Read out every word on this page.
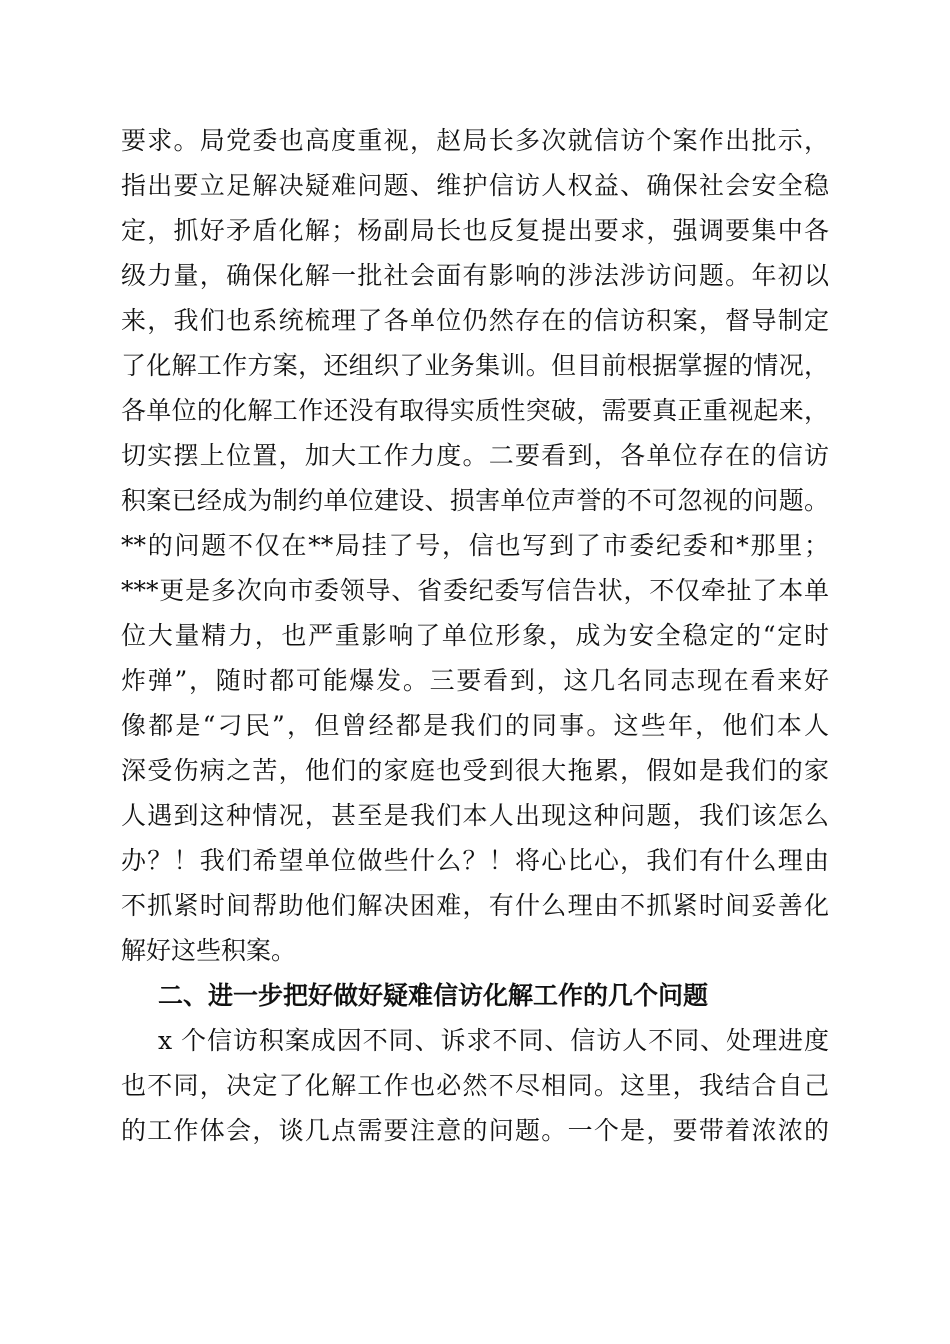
要求。局党委也高度重视，赵局长多次就信访个案作出批示，
指出要立足解决疑难问题、维护信访人权益、确保社会安全稳
定，抓好矛盾化解；杨副局长也反复提出要求，强调要集中各
级力量，确保化解一批社会面有影响的涉法涉访问题。年初以
来，我们也系统梳理了各单位仍然存在的信访积案，督导制定
了化解工作方案，还组织了业务集训。但目前根据掌握的情况，
各单位的化解工作还没有取得实质性突破，需要真正重视起来，
切实摆上位置，加大工作力度。二要看到，各单位存在的信访
积案已经成为制约单位建设、损害单位声誉的不可忽视的问题。
**的问题不仅在**局挂了号，信也写到了市委纪委和*那里；
***更是多次向市委领导、省委纪委写信告状，不仅牵扯了本单
位大量精力，也严重影响了单位形象，成为安全稳定的“定时
炸弹”，随时都可能爆发。三要看到，这几名同志现在看来好
像都是“刁民”，但曾经都是我们的同事。这些年，他们本人
深受伤病之苦，他们的家庭也受到很大拖累，假如是我们的家
人遇到这种情况，甚至是我们本人出现这种问题，我们该怎么
办？！我们希望单位做些什么？！将心比心，我们有什么理由
不抓紧时间帮助他们解决困难，有什么理由不抓紧时间妥善化
解好这些积案。
二、进一步把好做好疑难信访化解工作的几个问题
x 个信访积案成因不同、诉求不同、信访人不同、处理进度
也不同，决定了化解工作也必然不尽相同。这里，我结合自己
的工作体会，谈几点需要注意的问题。一个是，要带着浓浓的
